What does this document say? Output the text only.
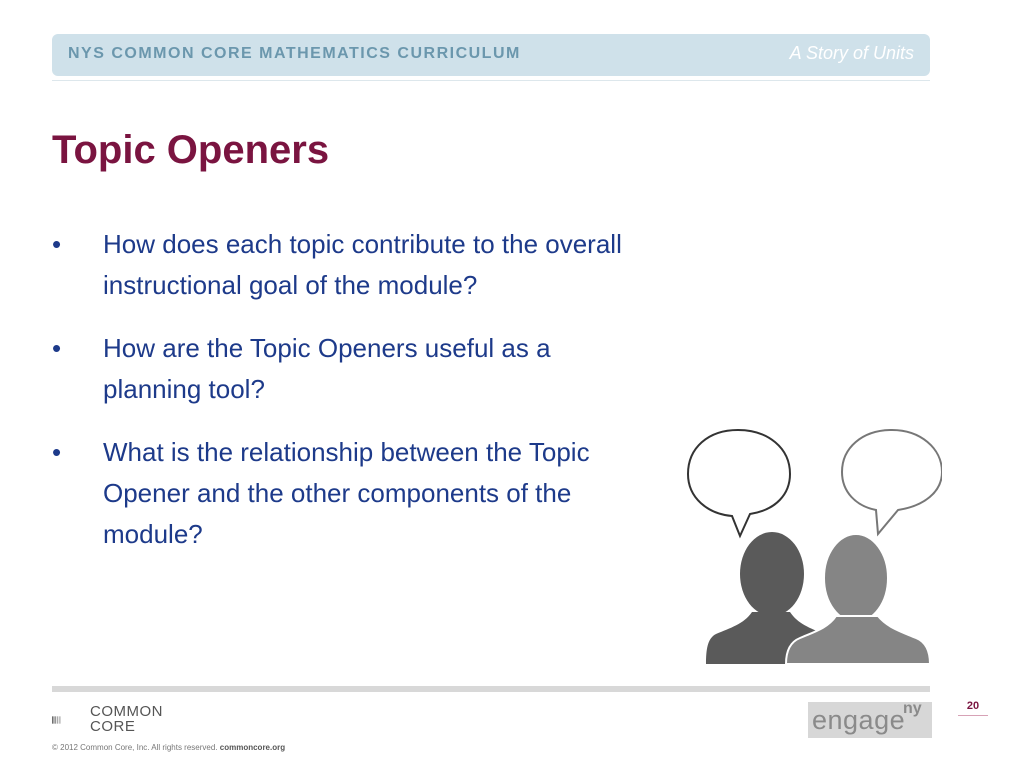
NYS COMMON CORE MATHEMATICS CURRICULUM	A Story of Units
Topic Openers
• How does each topic contribute to the overall instructional goal of the module?
• How are the Topic Openers useful as a planning tool?
• What is the relationship between the Topic Opener and the other components of the module?
COMMON
CORE
© 2012 Common Core, Inc. All rights reserved. commoncore.org
engage
ny	20
